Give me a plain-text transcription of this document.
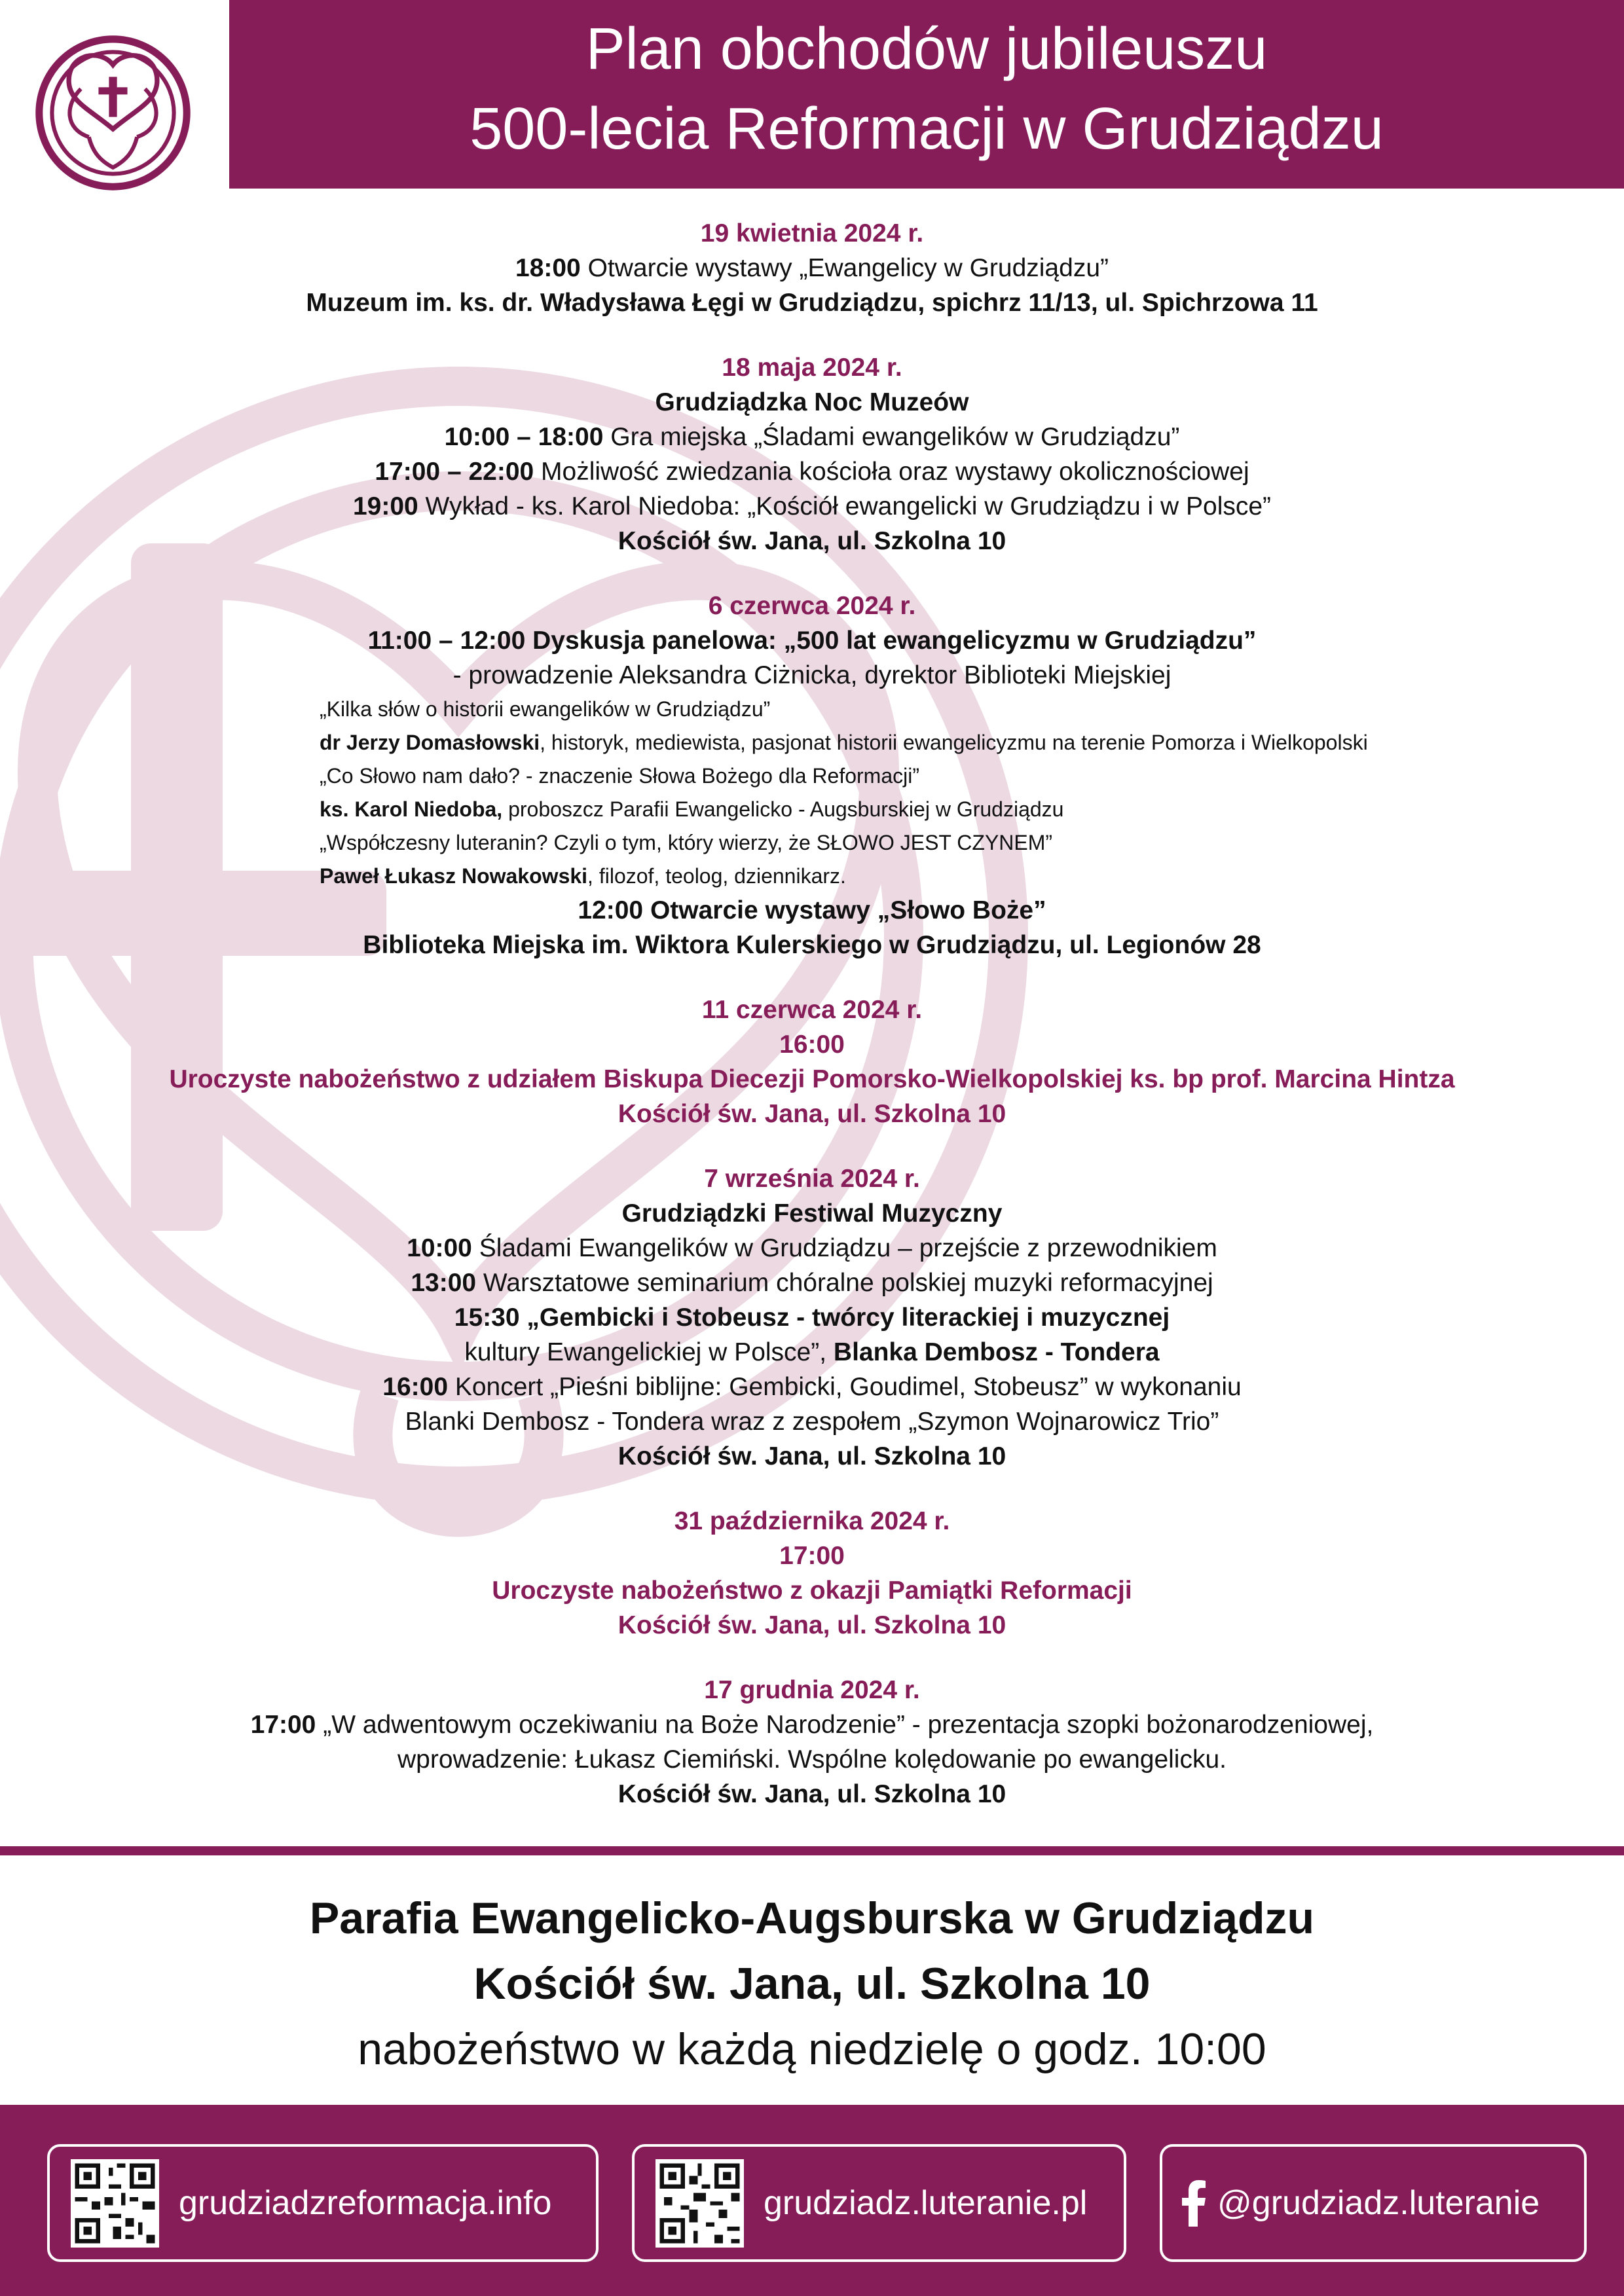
Plan obchodów jubileuszu
500-lecia Reformacji w Grudziądzu
19 kwietnia 2024 r.
18:00 Otwarcie wystawy „Ewangelicy w Grudziądzu”
Muzeum im. ks. dr. Władysława Łęgi w Grudziądzu, spichrz 11/13, ul. Spichrzowa 11
18 maja 2024 r.
Grudziądzka Noc Muzeów
10:00 – 18:00 Gra miejska „Śladami ewangelików w Grudziądzu”
17:00 – 22:00 Możliwość zwiedzania kościoła oraz wystawy okolicznościowej
19:00 Wykład - ks. Karol Niedoba: „Kościół ewangelicki w Grudziądzu i w Polsce”
Kościół św. Jana, ul. Szkolna 10
6 czerwca 2024 r.
11:00 – 12:00 Dyskusja panelowa: „500 lat ewangelicyzmu w Grudziądzu”
- prowadzenie Aleksandra Ciżnicka, dyrektor Biblioteki Miejskiej
„Kilka słów o historii ewangelików w Grudziądzu”
dr Jerzy Domasłowski, historyk, mediewista, pasjonat historii ewangelicyzmu na terenie Pomorza i Wielkopolski
„Co Słowo nam dało? - znaczenie Słowa Bożego dla Reformacji”
ks. Karol Niedoba, proboszcz Parafii Ewangelicko - Augsburskiej w Grudziądzu
„Współczesny luteranin? Czyli o tym, który wierzy, że SŁOWO JEST CZYNEM”
Paweł Łukasz Nowakowski, filozof, teolog, dziennikarz.
12:00 Otwarcie wystawy „Słowo Boże”
Biblioteka Miejska im. Wiktora Kulerskiego w Grudziądzu, ul. Legionów 28
11 czerwca 2024 r.
16:00
Uroczyste nabożeństwo z udziałem Biskupa Diecezji Pomorsko-Wielkopolskiej ks. bp prof. Marcina Hintza
Kościół św. Jana, ul. Szkolna 10
7 września 2024 r.
Grudziądzki Festiwal Muzyczny
10:00 Śladami Ewangelików w Grudziądzu – przejście z przewodnikiem
13:00 Warsztatowe seminarium chóralne polskiej muzyki reformacyjnej
15:30 „Gembicki i Stobeusz - twórcy literackiej i muzycznej
kultury Ewangelickiej w Polsce”, Blanka Dembosz - Tondera
16:00 Koncert „Pieśni biblijne: Gembicki, Goudimel, Stobeusz” w wykonaniu
Blanki Dembosz - Tondera wraz z zespołem „Szymon Wojnarowicz Trio”
Kościół św. Jana, ul. Szkolna 10
31 października 2024 r.
17:00
Uroczyste nabożeństwo z okazji Pamiątki Reformacji
Kościół św. Jana, ul. Szkolna 10
17 grudnia 2024 r.
17:00 „W adwentowym oczekiwaniu na Boże Narodzenie” - prezentacja szopki bożonarodzeniowej,
wprowadzenie: Łukasz Ciemiński. Wspólne kolędowanie po ewangelicku.
Kościół św. Jana, ul. Szkolna 10
Parafia Ewangelicko-Augsburska w Grudziądzu
Kościół św. Jana, ul. Szkolna 10
nabożeństwo w każdą niedzielę o godz. 10:00
grudziadzreformacja.info	grudziadz.luteranie.pl	@grudziadz.luteranie
